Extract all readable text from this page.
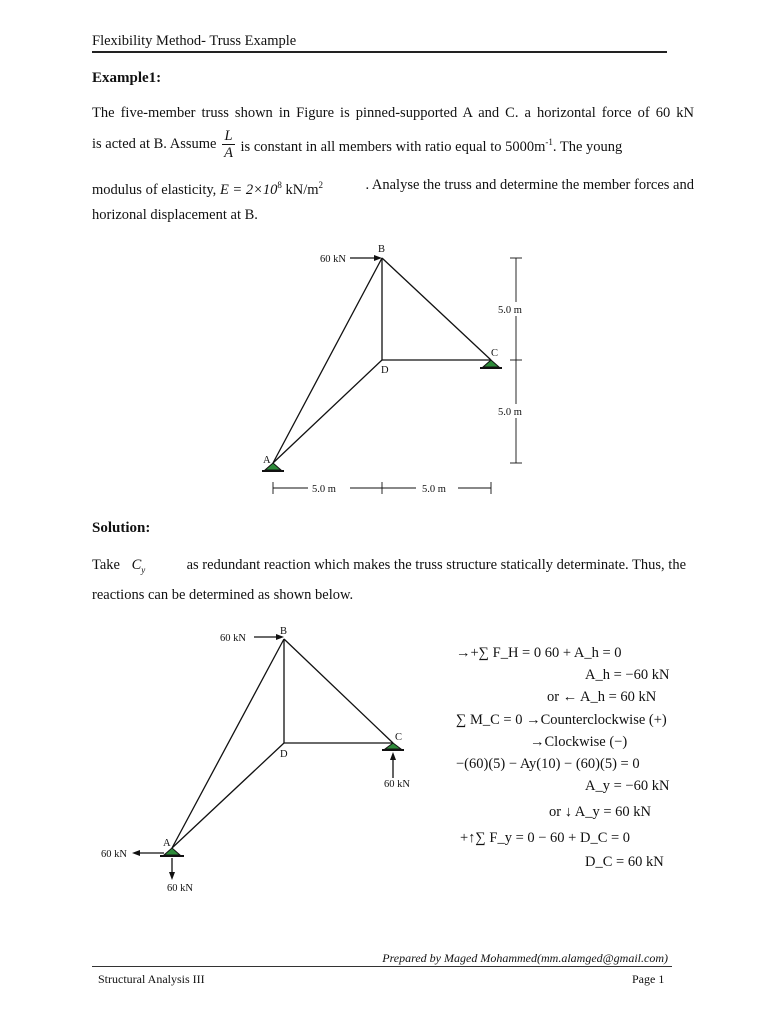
Flexibility Method- Truss Example
Example1:
The five-member truss shown in Figure is pinned-supported A and C. a horizontal force of 60 kN
is acted at B. Assume $\frac{L}{A}$ is constant in all members with ratio equal to $5000m^{-1}$. The young
modulus of elasticity, $E = 2\times 10^8$ $kN/m^2$	. Analyse the truss and determine the member forces and
horizonal displacement at B.
60 kN
B
C
D
A
5.0 m
5.0 m
5.0 m	5.0 m
60 kN
B
C
D
A
60 kN
60 kN
60 kN
Solution:
Take $C_y$	as redundant reaction which makes the truss structure statically determinate. Thus, the
reactions can be determined as shown below.
→+∑ F_H = 0 60 + A_h = 0
A_h = −60 kN
or ← A_h = 60 kN
∑ M_C = 0 →Counterclockwise (+)
→Clockwise (−)
−(60)(5) − Ay(10) − (60)(5) = 0
A_y = −60 kN
or ↓ A_y = 60 kN
+↑∑ F_y = 0 − 60 + D_C = 0
D_C = 60 kN
Prepared by Maged Mohammed(mm.alamged@gmail.com)
Structural Analysis III	Page 1
